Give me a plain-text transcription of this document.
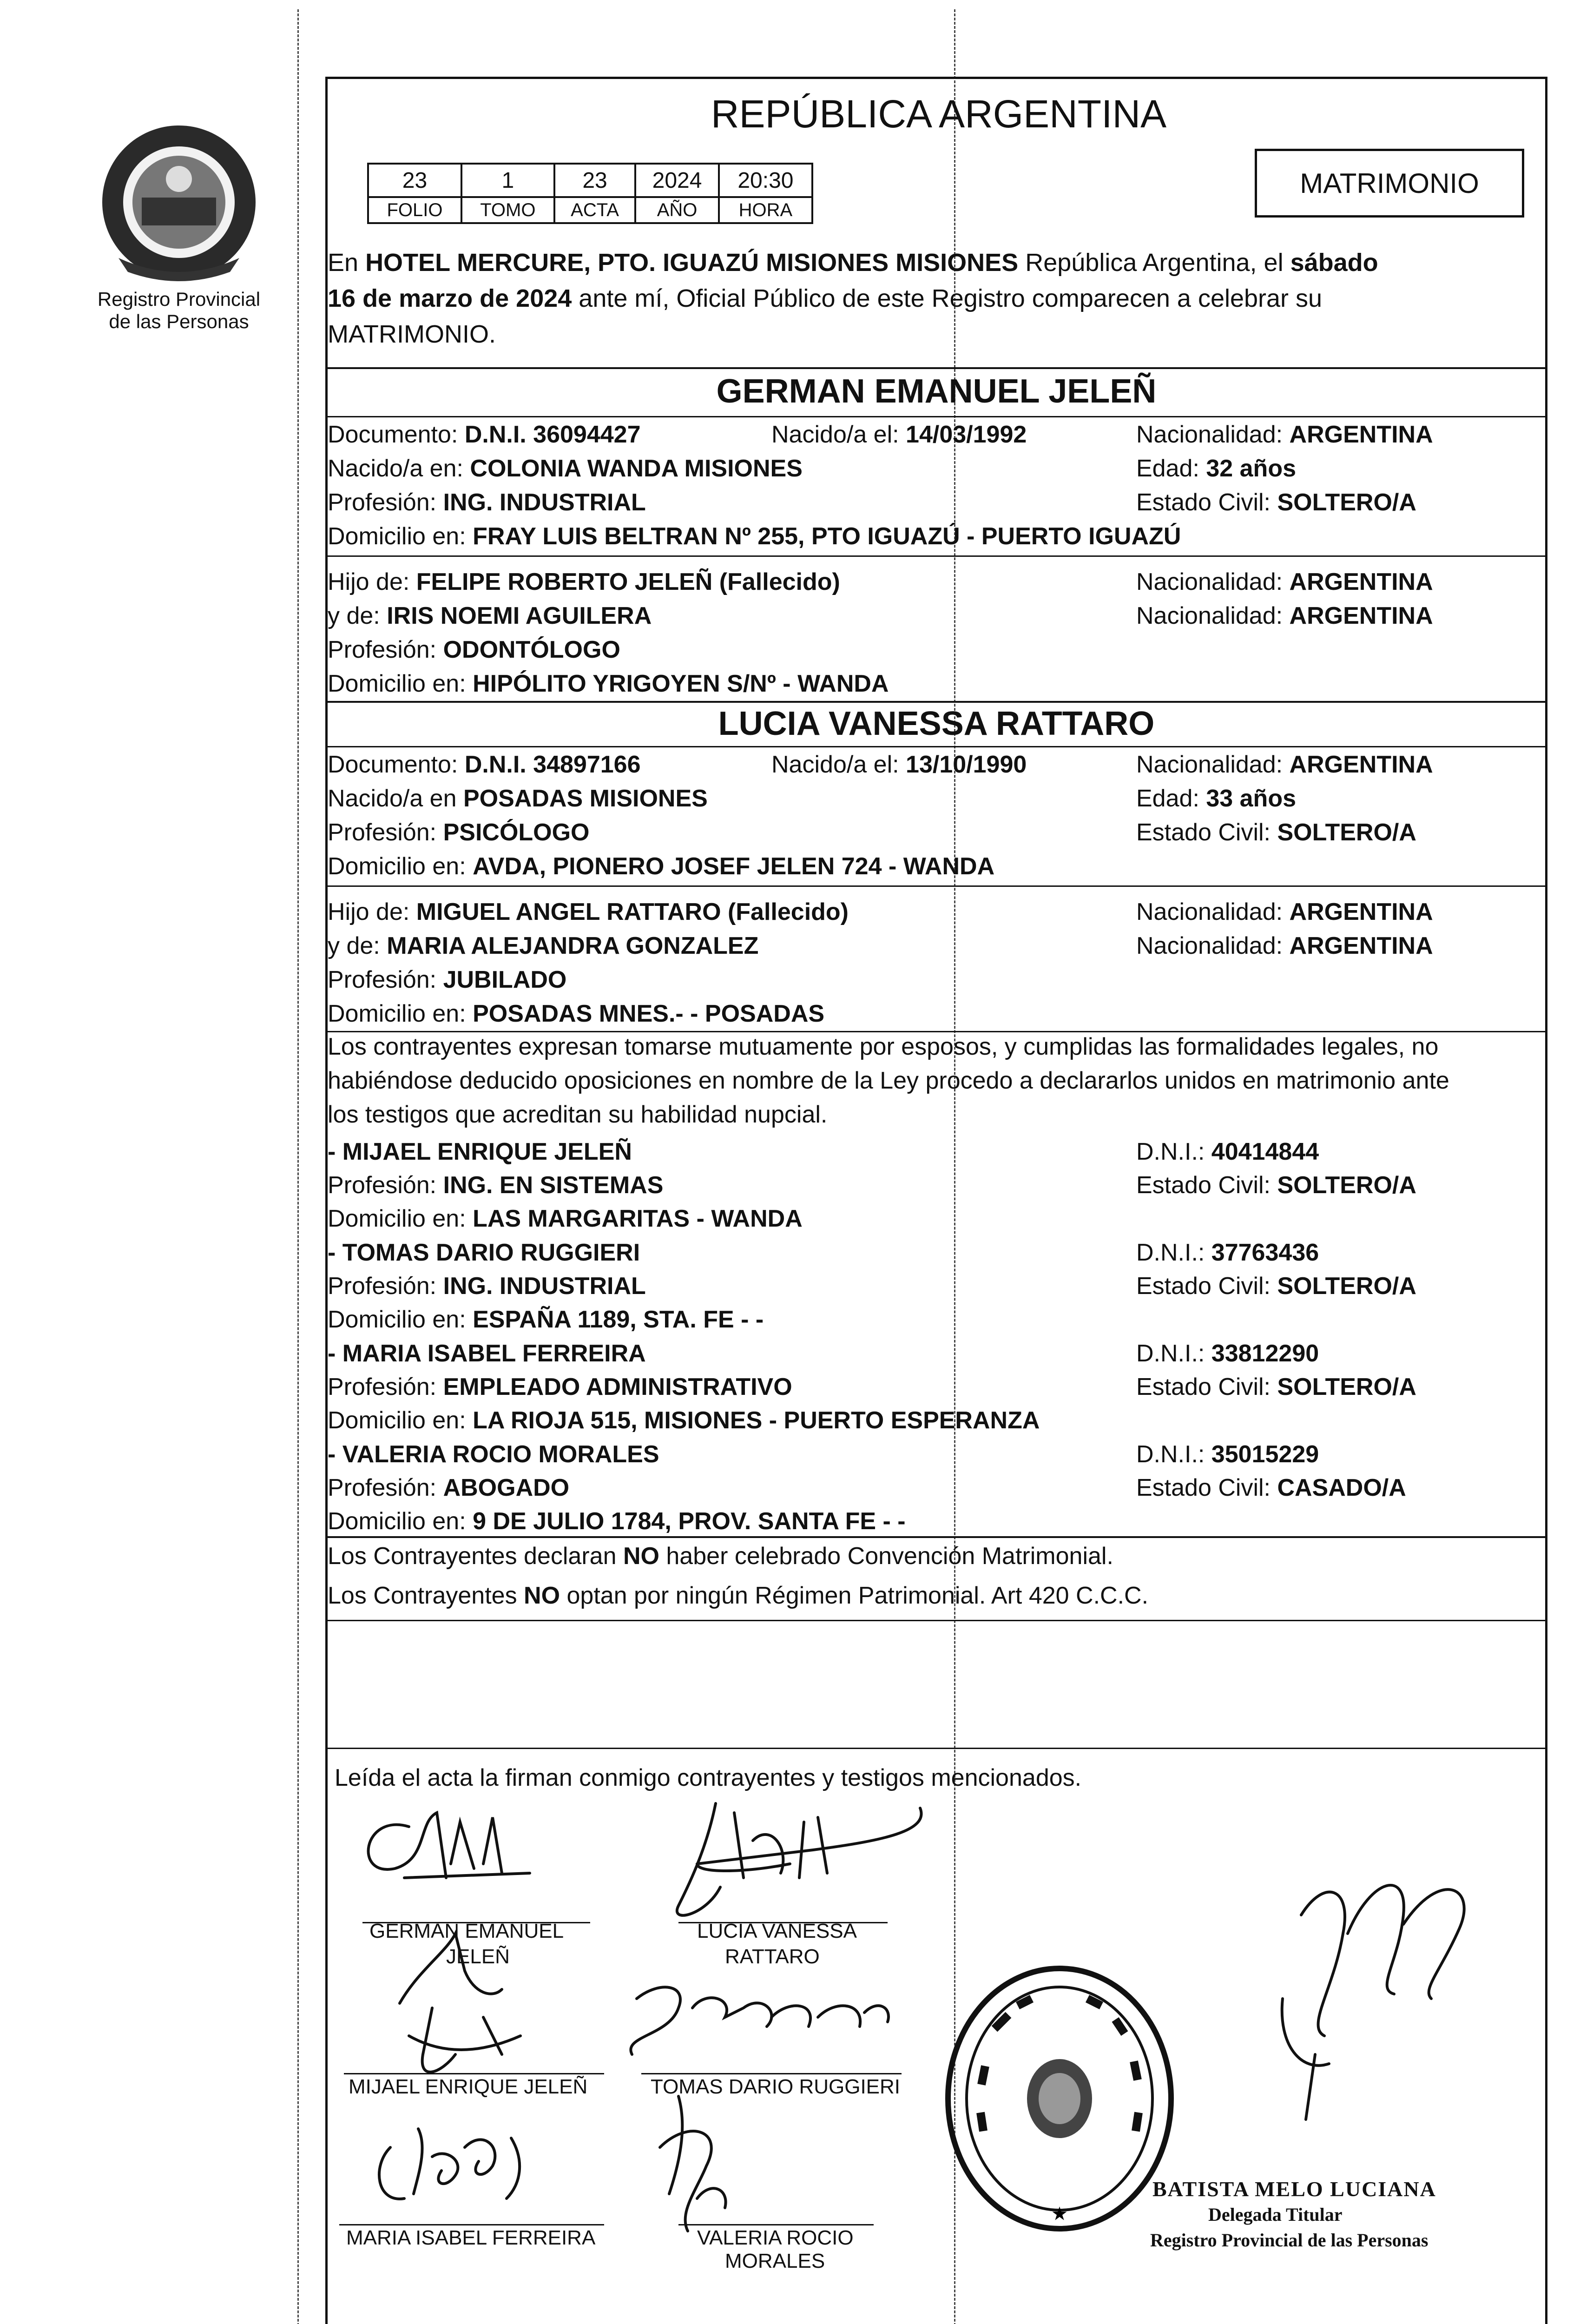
Registro Provincial
de las Personas
REPÚBLICA ARGENTINA
23	1	23	2024	20:30
FOLIO	TOMO	ACTA	AÑO	HORA
MATRIMONIO
En HOTEL MERCURE, PTO. IGUAZÚ MISIONES MISIONES República Argentina, el sábado
16 de marzo de 2024 ante mí, Oficial Público de este Registro comparecen a celebrar su
MATRIMONIO.
GERMAN EMANUEL JELEÑ
Documento: D.N.I. 36094427	Nacido/a el: 14/03/1992	Nacionalidad: ARGENTINA
Nacido/a en: COLONIA WANDA MISIONES	Edad: 32 años
Profesión: ING. INDUSTRIAL	Estado Civil: SOLTERO/A
Domicilio en: FRAY LUIS BELTRAN Nº 255, PTO IGUAZÚ - PUERTO IGUAZÚ
Hijo de: FELIPE ROBERTO JELEÑ (Fallecido)	Nacionalidad: ARGENTINA
y de: IRIS NOEMI AGUILERA	Nacionalidad: ARGENTINA
Profesión: ODONTÓLOGO
Domicilio en: HIPÓLITO YRIGOYEN S/Nº - WANDA
LUCIA VANESSA RATTARO
Documento: D.N.I. 34897166	Nacido/a el: 13/10/1990	Nacionalidad: ARGENTINA
Nacido/a en POSADAS MISIONES	Edad: 33 años
Profesión: PSICÓLOGO	Estado Civil: SOLTERO/A
Domicilio en: AVDA, PIONERO JOSEF JELEN 724 - WANDA
Hijo de: MIGUEL ANGEL RATTARO (Fallecido)	Nacionalidad: ARGENTINA
y de: MARIA ALEJANDRA GONZALEZ	Nacionalidad: ARGENTINA
Profesión: JUBILADO
Domicilio en: POSADAS MNES.- - POSADAS
Los contrayentes expresan tomarse mutuamente por esposos, y cumplidas las formalidades legales, no
habiéndose deducido oposiciones en nombre de la Ley procedo a declararlos unidos en matrimonio ante
los testigos que acreditan su habilidad nupcial.
- MIJAEL ENRIQUE JELEÑ	D.N.I.: 40414844
Profesión: ING. EN SISTEMAS	Estado Civil: SOLTERO/A
Domicilio en: LAS MARGARITAS - WANDA
- TOMAS DARIO RUGGIERI	D.N.I.: 37763436
Profesión: ING. INDUSTRIAL	Estado Civil: SOLTERO/A
Domicilio en: ESPAÑA 1189, STA. FE - -
- MARIA ISABEL FERREIRA	D.N.I.: 33812290
Profesión: EMPLEADO ADMINISTRATIVO	Estado Civil: SOLTERO/A
Domicilio en: LA RIOJA 515, MISIONES - PUERTO ESPERANZA
- VALERIA ROCIO MORALES	D.N.I.: 35015229
Profesión: ABOGADO	Estado Civil: CASADO/A
Domicilio en: 9 DE JULIO 1784, PROV. SANTA FE - -
Los Contrayentes declaran NO haber celebrado Convención Matrimonial.
Los Contrayentes NO optan por ningún Régimen Patrimonial. Art 420 C.C.C.
Leída el acta la firman conmigo contrayentes y testigos mencionados.
GERMAN EMANUEL
JELEÑ
LUCIA VANESSA
RATTARO
MIJAEL ENRIQUE JELEÑ	TOMAS DARIO RUGGIERI
MARIA ISABEL FERREIRA	VALERIA ROCIO
MORALES
★
BATISTA MELO LUCIANA
Delegada Titular
Registro Provincial de las Personas
